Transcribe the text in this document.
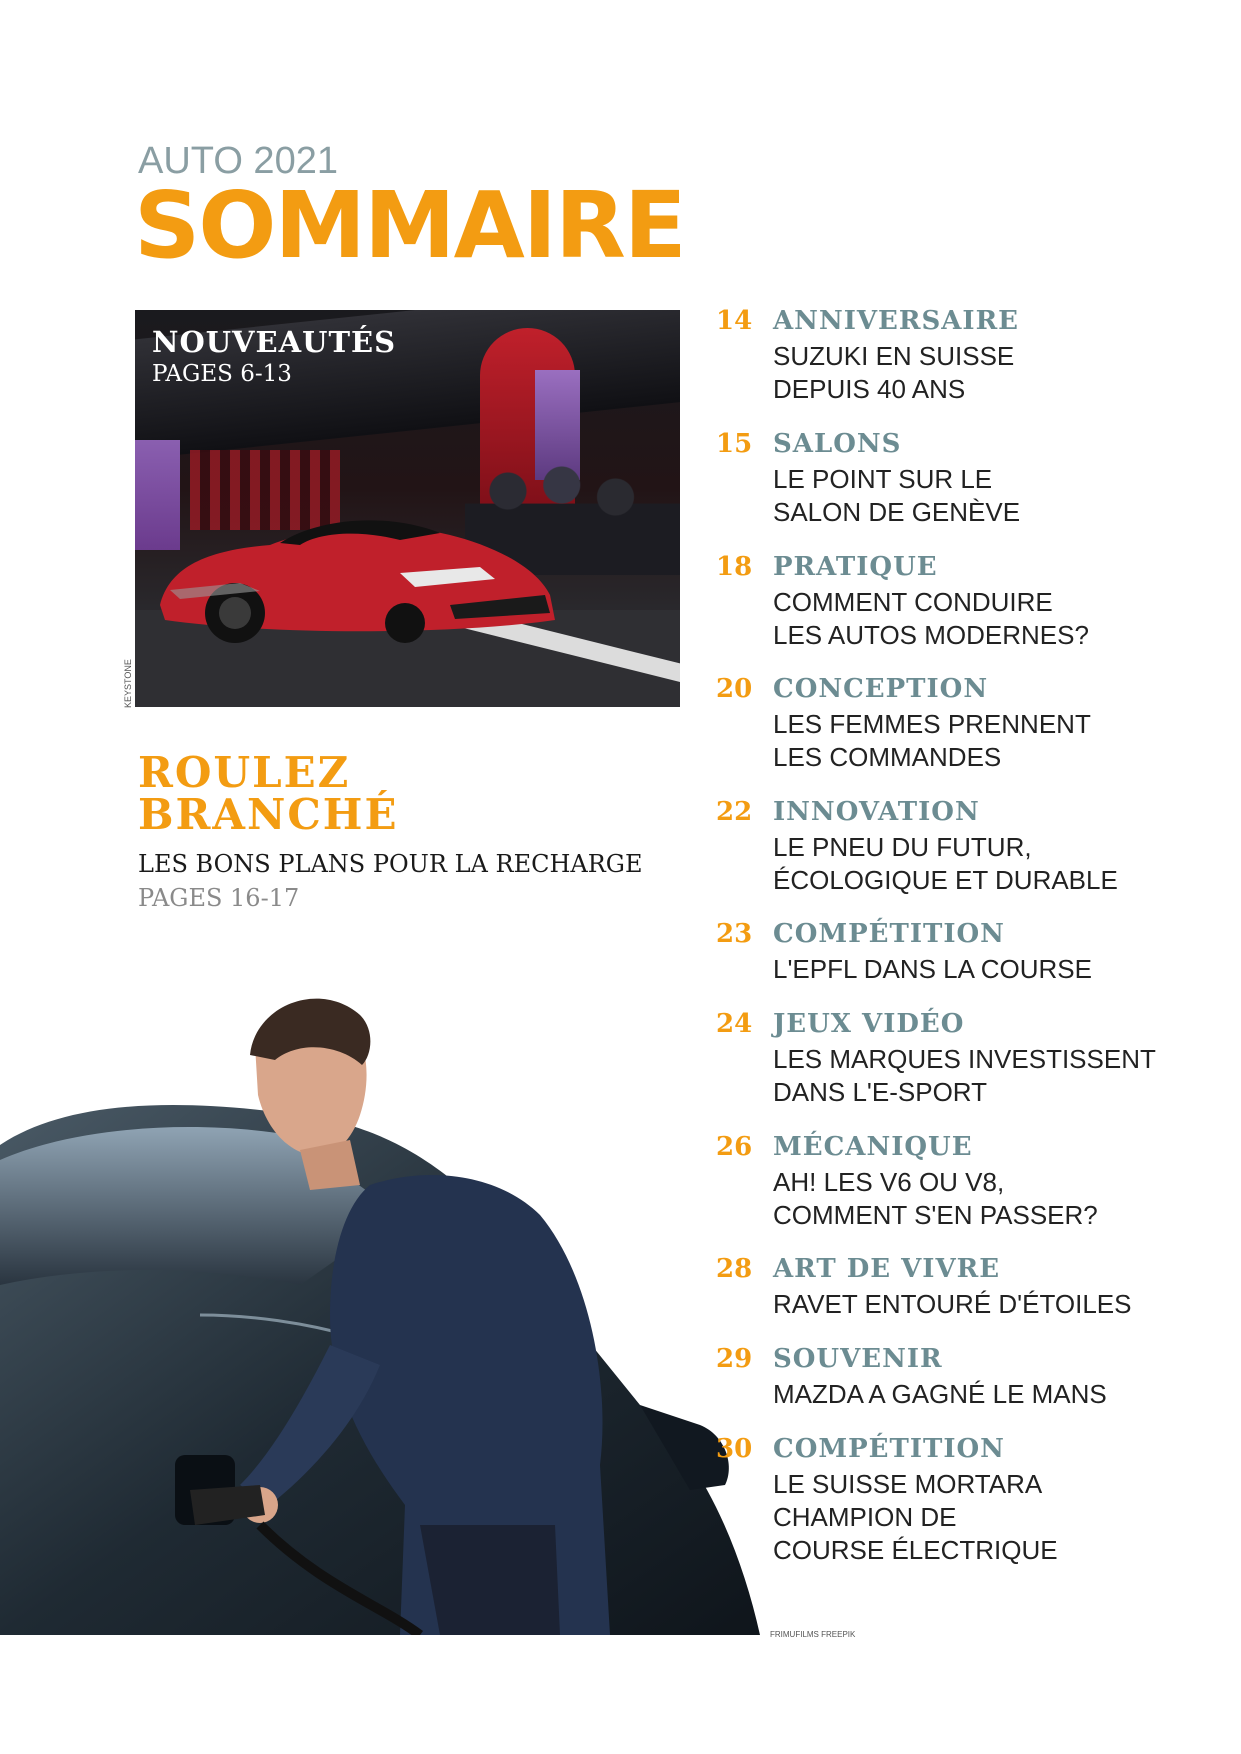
AUTO 2021
SOMMAIRE
NOUVEAUTÉS
PAGES 6-13
KEYSTONE
ROULEZ
BRANCHÉ
LES BONS PLANS POUR LA RECHARGE
PAGES 16-17
FRIMUFILMS FREEPIK
14 ANNIVERSAIRE
SUZUKI EN SUISSE
DEPUIS 40 ANS
15 SALONS
LE POINT SUR LE
SALON DE GENÈVE
18 PRATIQUE
COMMENT CONDUIRE
LES AUTOS MODERNES?
20 CONCEPTION
LES FEMMES PRENNENT
LES COMMANDES
22 INNOVATION
LE PNEU DU FUTUR,
ÉCOLOGIQUE ET DURABLE
23 COMPÉTITION
L'EPFL DANS LA COURSE
24 JEUX VIDÉO
LES MARQUES INVESTISSENT
DANS L'E-SPORT
26 MÉCANIQUE
AH! LES V6 OU V8,
COMMENT S'EN PASSER?
28 ART DE VIVRE
RAVET ENTOURÉ D'ÉTOILES
29 SOUVENIR
MAZDA A GAGNÉ LE MANS
30 COMPÉTITION
LE SUISSE MORTARA
CHAMPION DE
COURSE ÉLECTRIQUE
